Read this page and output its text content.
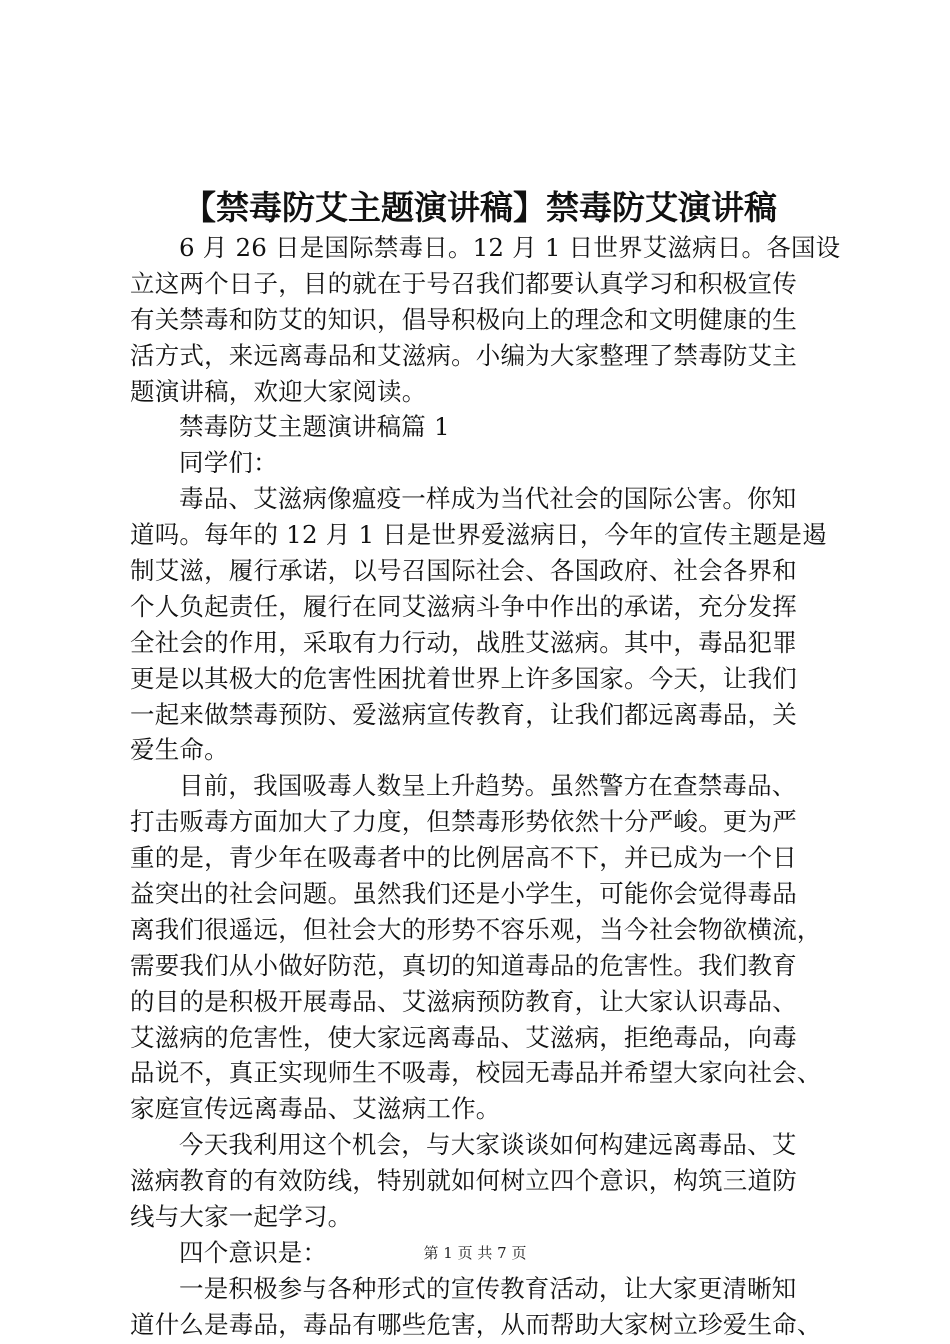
【禁毒防艾主题演讲稿】禁毒防艾演讲稿
6 月 26 日是国际禁毒日。12 月 1 日世界艾滋病日。各国设
立这两个日子，目的就在于号召我们都要认真学习和积极宣传
有关禁毒和防艾的知识，倡导积极向上的理念和文明健康的生
活方式，来远离毒品和艾滋病。小编为大家整理了禁毒防艾主
题演讲稿，欢迎大家阅读。
禁毒防艾主题演讲稿篇 1
同学们：
毒品、艾滋病像瘟疫一样成为当代社会的国际公害。你知
道吗。每年的 12 月 1 日是世界爱滋病日，今年的宣传主题是遏
制艾滋，履行承诺，以号召国际社会、各国政府、社会各界和
个人负起责任，履行在同艾滋病斗争中作出的承诺，充分发挥
全社会的作用，采取有力行动，战胜艾滋病。其中，毒品犯罪
更是以其极大的危害性困扰着世界上许多国家。今天，让我们
一起来做禁毒预防、爱滋病宣传教育，让我们都远离毒品，关
爱生命。
目前，我国吸毒人数呈上升趋势。虽然警方在查禁毒品、
打击贩毒方面加大了力度，但禁毒形势依然十分严峻。更为严
重的是，青少年在吸毒者中的比例居高不下，并已成为一个日
益突出的社会问题。虽然我们还是小学生，可能你会觉得毒品
离我们很遥远，但社会大的形势不容乐观，当今社会物欲横流，
需要我们从小做好防范，真切的知道毒品的危害性。我们教育
的目的是积极开展毒品、艾滋病预防教育，让大家认识毒品、
艾滋病的危害性，使大家远离毒品、艾滋病，拒绝毒品，向毒
品说不，真正实现师生不吸毒，校园无毒品并希望大家向社会、
家庭宣传远离毒品、艾滋病工作。
今天我利用这个机会，与大家谈谈如何构建远离毒品、艾
滋病教育的有效防线，特别就如何树立四个意识，构筑三道防
线与大家一起学习。
四个意识是：
一是积极参与各种形式的宣传教育活动，让大家更清晰知
道什么是毒品，毒品有哪些危害，从而帮助大家树立珍爱生命、
第 1 页 共 7 页
